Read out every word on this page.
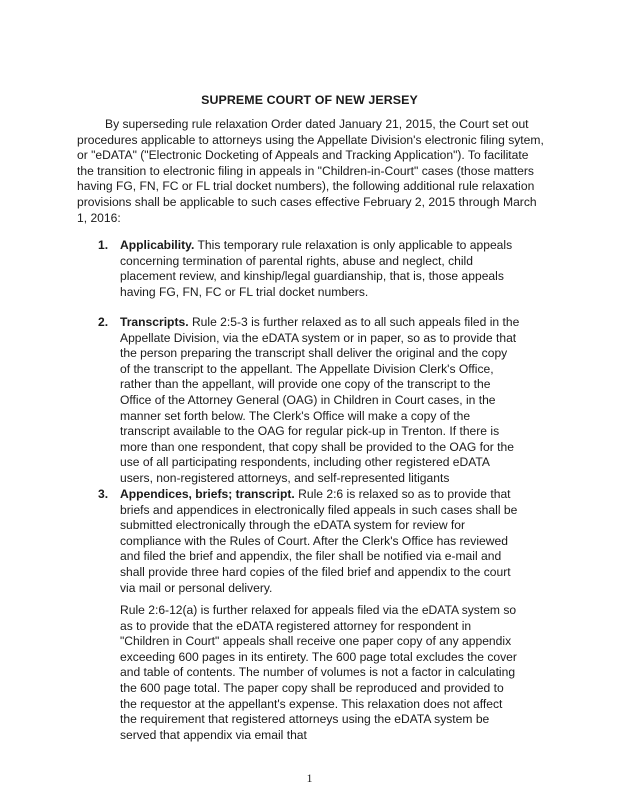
SUPREME COURT OF NEW JERSEY

By superseding rule relaxation Order dated January 21, 2015, the Court set out procedures applicable to attorneys using the Appellate Division's electronic filing sytem, or "eDATA" ("Electronic Docketing of Appeals and Tracking Application"). To facilitate the transition to electronic filing in appeals in "Children-in-Court" cases (those matters having FG, FN, FC or FL trial docket numbers), the following additional rule relaxation provisions shall be applicable to such cases effective February 2, 2015 through March 1, 2016:

1. Applicability. This temporary rule relaxation is only applicable to appeals concerning termination of parental rights, abuse and neglect, child placement review, and kinship/legal guardianship, that is, those appeals having FG, FN, FC or FL trial docket numbers.

2. Transcripts. Rule 2:5-3 is further relaxed as to all such appeals filed in the Appellate Division, via the eDATA system or in paper, so as to provide that the person preparing the transcript shall deliver the original and the copy of the transcript to the appellant. The Appellate Division Clerk's Office, rather than the appellant, will provide one copy of the transcript to the Office of the Attorney General (OAG) in Children in Court cases, in the manner set forth below. The Clerk's Office will make a copy of the transcript available to the OAG for regular pick-up in Trenton. If there is more than one respondent, that copy shall be provided to the OAG for the use of all participating respondents, including other registered eDATA users, non-registered attorneys, and self-represented litigants

3. Appendices, briefs; transcript. Rule 2:6 is relaxed so as to provide that briefs and appendices in electronically filed appeals in such cases shall be submitted electronically through the eDATA system for review for compliance with the Rules of Court. After the Clerk's Office has reviewed and filed the brief and appendix, the filer shall be notified via e-mail and shall provide three hard copies of the filed brief and appendix to the court via mail or personal delivery.

Rule 2:6-12(a) is further relaxed for appeals filed via the eDATA system so as to provide that the eDATA registered attorney for respondent in "Children in Court" appeals shall receive one paper copy of any appendix exceeding 600 pages in its entirety. The 600 page total excludes the cover and table of contents. The number of volumes is not a factor in calculating the 600 page total. The paper copy shall be reproduced and provided to the requestor at the appellant's expense. This relaxation does not affect the requirement that registered attorneys using the eDATA system be served that appendix via email that

1
